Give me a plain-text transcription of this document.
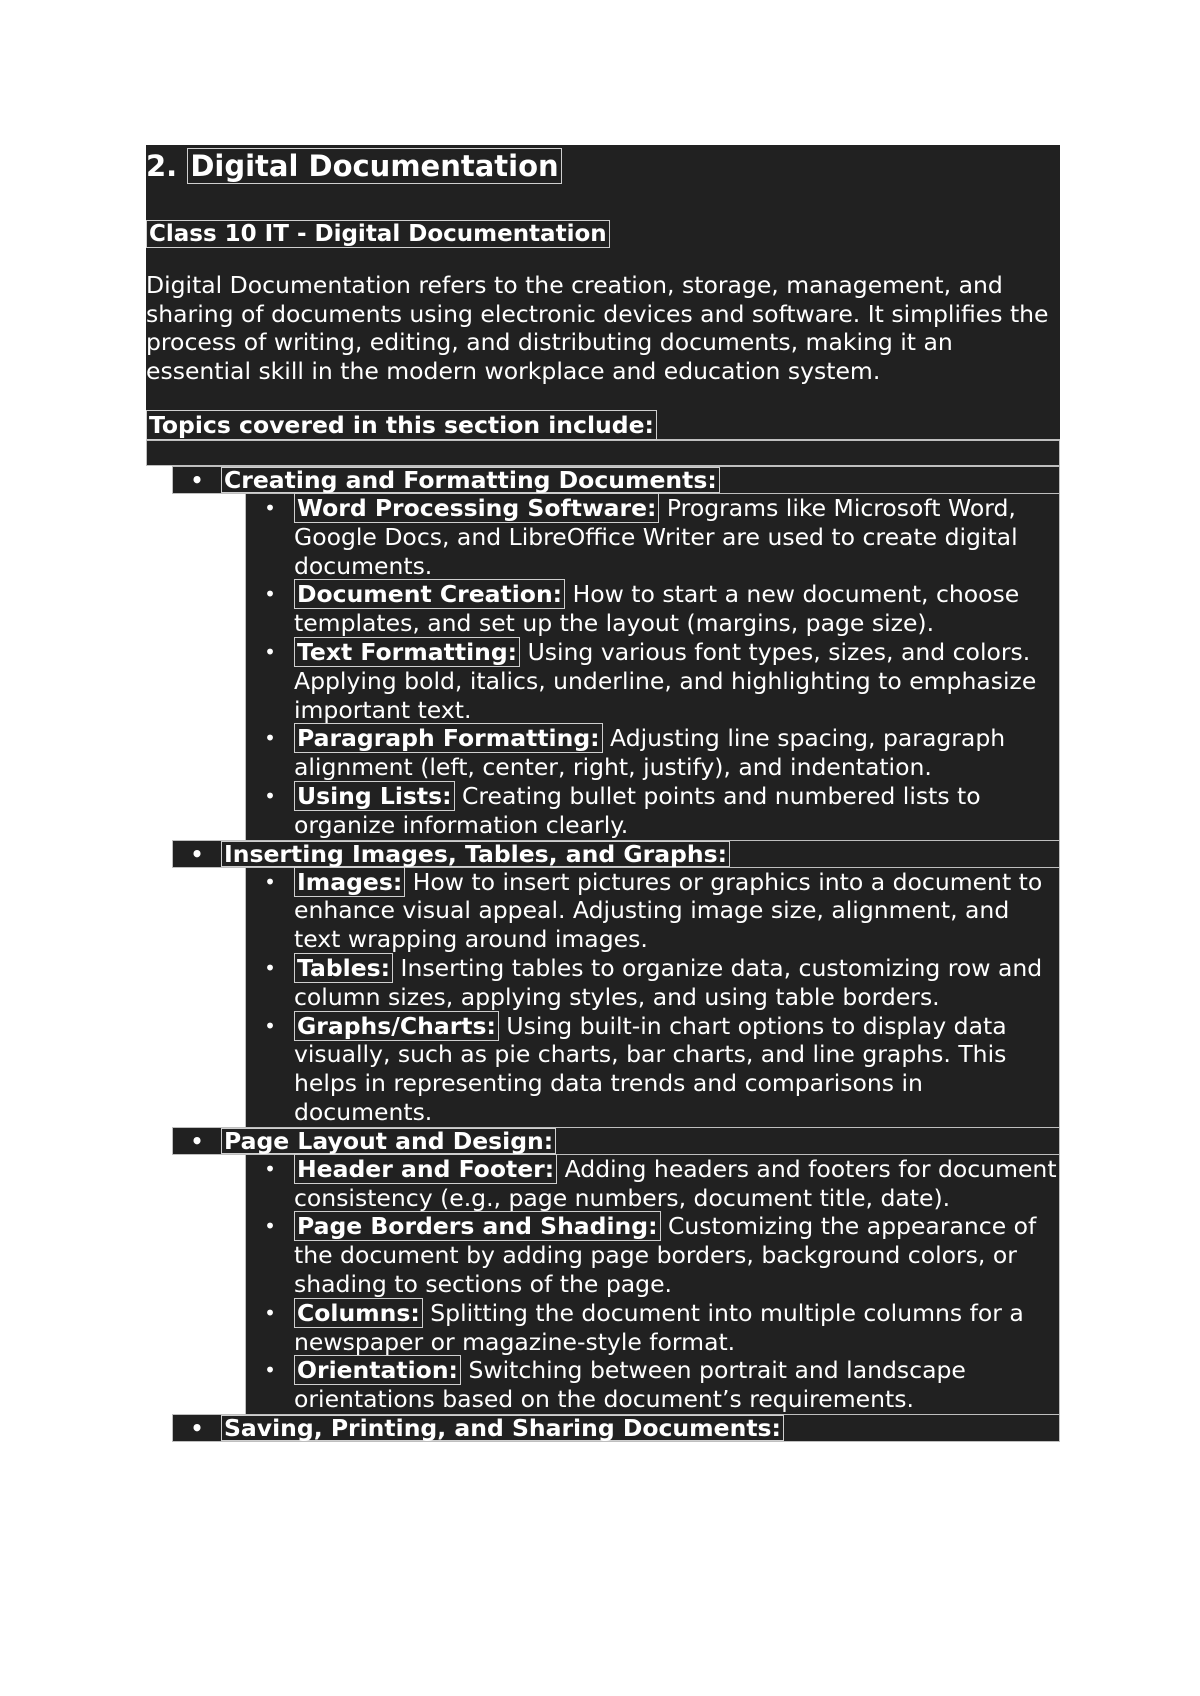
2. Digital Documentation
Class 10 IT - Digital Documentation
Digital Documentation refers to the creation, storage, management, and sharing of documents using electronic devices and software. It simplifies the process of writing, editing, and distributing documents, making it an essential skill in the modern workplace and education system.
Topics covered in this section include:
• Creating and Formatting Documents:
• Word Processing Software: Programs like Microsoft Word, Google Docs, and LibreOffice Writer are used to create digital documents.
• Document Creation: How to start a new document, choose templates, and set up the layout (margins, page size).
• Text Formatting: Using various font types, sizes, and colors. Applying bold, italics, underline, and highlighting to emphasize important text.
• Paragraph Formatting: Adjusting line spacing, paragraph alignment (left, center, right, justify), and indentation.
• Using Lists: Creating bullet points and numbered lists to organize information clearly.
• Inserting Images, Tables, and Graphs:
• Images: How to insert pictures or graphics into a document to enhance visual appeal. Adjusting image size, alignment, and text wrapping around images.
• Tables: Inserting tables to organize data, customizing row and column sizes, applying styles, and using table borders.
• Graphs/Charts: Using built-in chart options to display data visually, such as pie charts, bar charts, and line graphs. This helps in representing data trends and comparisons in documents.
• Page Layout and Design:
• Header and Footer: Adding headers and footers for document consistency (e.g., page numbers, document title, date).
• Page Borders and Shading: Customizing the appearance of the document by adding page borders, background colors, or shading to sections of the page.
• Columns: Splitting the document into multiple columns for a newspaper or magazine-style format.
• Orientation: Switching between portrait and landscape orientations based on the document’s requirements.
• Saving, Printing, and Sharing Documents:
